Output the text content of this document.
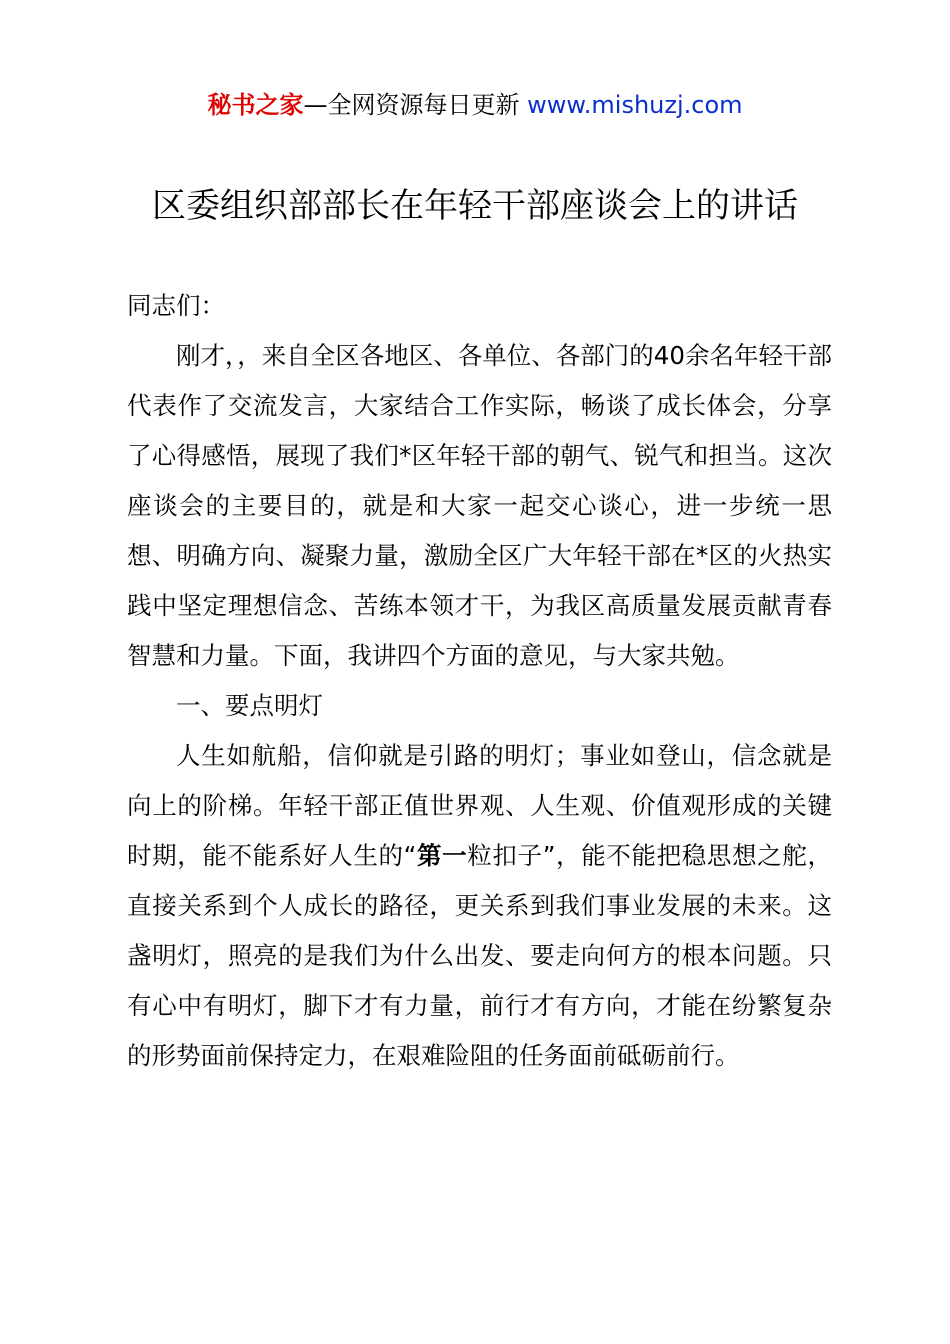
秘书之家—全网资源每日更新 www.mishuzj.com
区委组织部部长在年轻干部座谈会上的讲话

同志们：

刚才，，来自全区各地区、各单位、各部门的40余名年轻干部代表作了交流发言，大家结合工作实际，畅谈了成长体会，分享了心得感悟，展现了我们*区年轻干部的朝气、锐气和担当。这次座谈会的主要目的，就是和大家一起交心谈心，进一步统一思想、明确方向、凝聚力量，激励全区广大年轻干部在*区的火热实践中坚定理想信念、苦练本领才干，为我区高质量发展贡献青春智慧和力量。下面，我讲四个方面的意见，与大家共勉。

一、要点明灯

人生如航船，信仰就是引路的明灯；事业如登山，信念就是向上的阶梯。年轻干部正值世界观、人生观、价值观形成的关键时期，能不能系好人生的“第一粒扣子”，能不能把稳思想之舵，直接关系到个人成长的路径，更关系到我们事业发展的未来。这盏明灯，照亮的是我们为什么出发、要走向何方的根本问题。只有心中有明灯，脚下才有力量，前行才有方向，才能在纷繁复杂的形势面前保持定力，在艰难险阻的任务面前砥砺前行。
